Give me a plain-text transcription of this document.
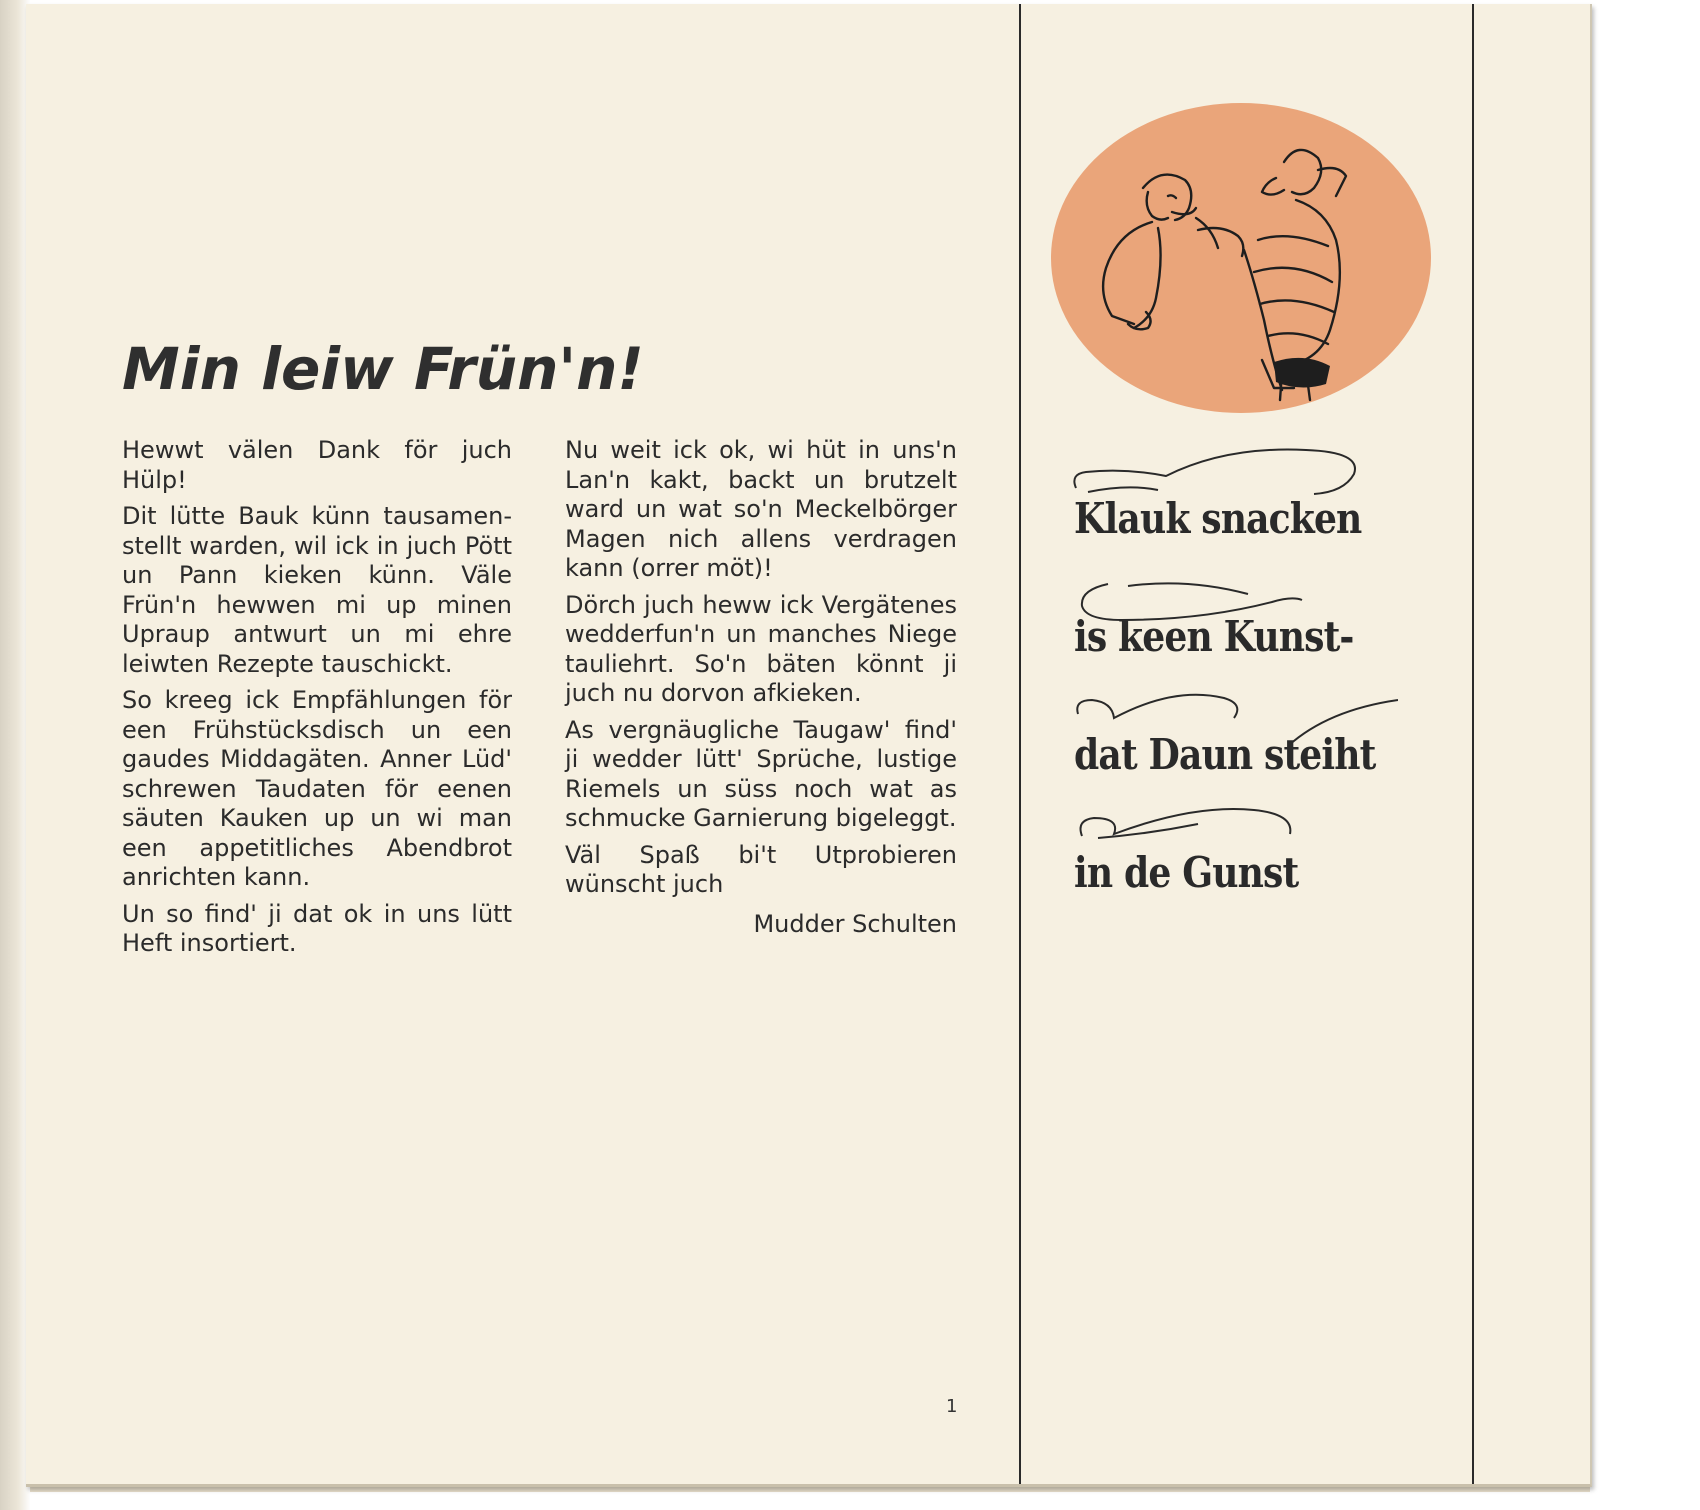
Min leiw Frün'n!

Hewwt välen Dank för juch Hülp!

Dit lütte Bauk künn tausamenstellt warden, wil ick in juch Pött un Pann kieken künn. Väle Frün'n hewwen mi up minen Upraup antwurt un mi ehre leiwten Rezepte tauschickt.

So kreeg ick Empfählungen för een Frühstücksdisch un een gaudes Middagäten. Anner Lüd' schrewen Taudaten för eenen säuten Kauken up un wi man een appetitliches Abendbrot anrichten kann.

Un so find' ji dat ok in uns lütt Heft insortiert.

Nu weit ick ok, wi hüt in uns'n Lan'n kakt, backt un brutzelt ward un wat so'n Meckelbörger Magen nich allens verdragen kann (orrer möt)!

Dörch juch heww ick Vergätenes wedderfun'n un manches Niege tauliehrt. So'n bäten könnt ji juch nu dorvon afkieken.

As vergnäugliche Taugaw' find' ji wedder lütt' Sprüche, lustige Riemels un süss noch wat as schmucke Garnierung bigeleggt.

Väl Spaß bi't Utprobieren wünscht juch

Mudder Schulten
1
Klauk snacken
is keen Kunst-
dat Daun steiht
in de Gunst
